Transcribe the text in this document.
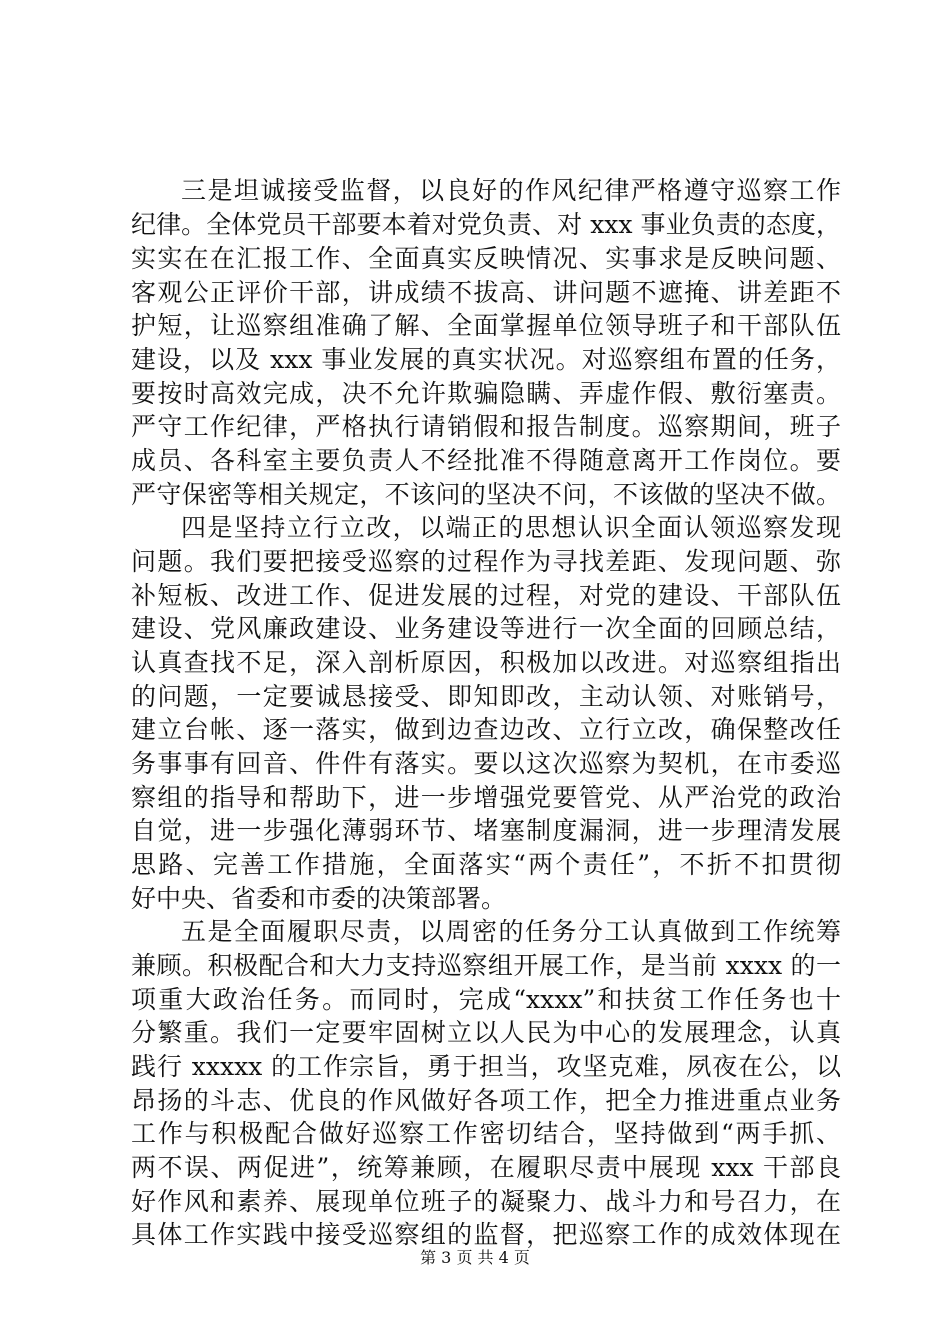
三是坦诚接受监督，以良好的作风纪律严格遵守巡察工作
纪律。全体党员干部要本着对党负责、对 xxx 事业负责的态度，
实实在在汇报工作、全面真实反映情况、实事求是反映问题、
客观公正评价干部，讲成绩不拔高、讲问题不遮掩、讲差距不
护短，让巡察组准确了解、全面掌握单位领导班子和干部队伍
建设，以及 xxx 事业发展的真实状况。对巡察组布置的任务，
要按时高效完成，决不允许欺骗隐瞒、弄虚作假、敷衍塞责。
严守工作纪律，严格执行请销假和报告制度。巡察期间，班子
成员、各科室主要负责人不经批准不得随意离开工作岗位。要
严守保密等相关规定，不该问的坚决不问，不该做的坚决不做。
四是坚持立行立改，以端正的思想认识全面认领巡察发现
问题。我们要把接受巡察的过程作为寻找差距、发现问题、弥
补短板、改进工作、促进发展的过程，对党的建设、干部队伍
建设、党风廉政建设、业务建设等进行一次全面的回顾总结，
认真查找不足，深入剖析原因，积极加以改进。对巡察组指出
的问题，一定要诚恳接受、即知即改，主动认领、对账销号，
建立台帐、逐一落实，做到边查边改、立行立改，确保整改任
务事事有回音、件件有落实。要以这次巡察为契机，在市委巡
察组的指导和帮助下，进一步增强党要管党、从严治党的政治
自觉，进一步强化薄弱环节、堵塞制度漏洞，进一步理清发展
思路、完善工作措施，全面落实“两个责任”，不折不扣贯彻
好中央、省委和市委的决策部署。
五是全面履职尽责，以周密的任务分工认真做到工作统筹
兼顾。积极配合和大力支持巡察组开展工作，是当前 xxxx 的一
项重大政治任务。而同时，完成“xxxx”和扶贫工作任务也十
分繁重。我们一定要牢固树立以人民为中心的发展理念，认真
践行 xxxxx 的工作宗旨，勇于担当，攻坚克难，夙夜在公，以
昂扬的斗志、优良的作风做好各项工作，把全力推进重点业务
工作与积极配合做好巡察工作密切结合，坚持做到“两手抓、
两不误、两促进”，统筹兼顾，在履职尽责中展现 xxx 干部良
好作风和素养、展现单位班子的凝聚力、战斗力和号召力，在
具体工作实践中接受巡察组的监督，把巡察工作的成效体现在
第 3 页 共 4 页
